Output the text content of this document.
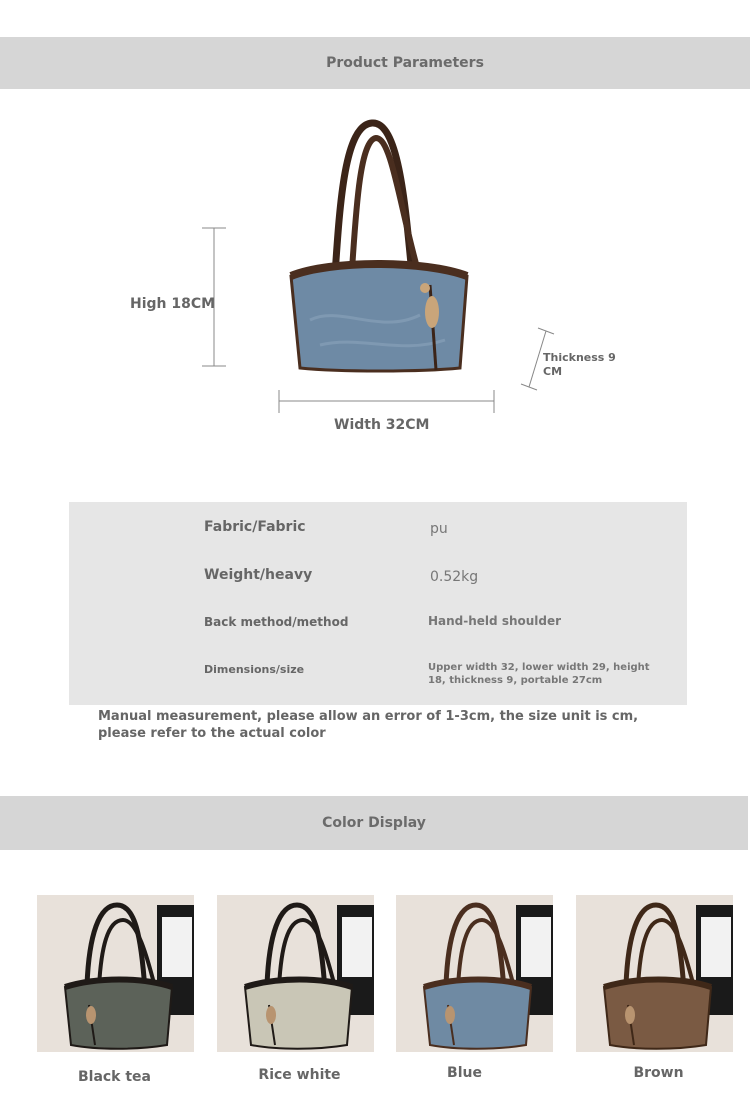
Product Parameters
High 18CM
Width 32CM
Thickness 9 CM
Fabric/Fabric	pu
Weight/heavy	0.52kg
Back method/method	Hand-held shoulder
Dimensions/size	Upper width 32, lower width 29, height 18, thickness 9, portable 27cm
Manual measurement, please allow an error of 1-3cm, the size unit is cm, please refer to the actual color
Color Display
Black tea	Rice white	Blue	Brown
